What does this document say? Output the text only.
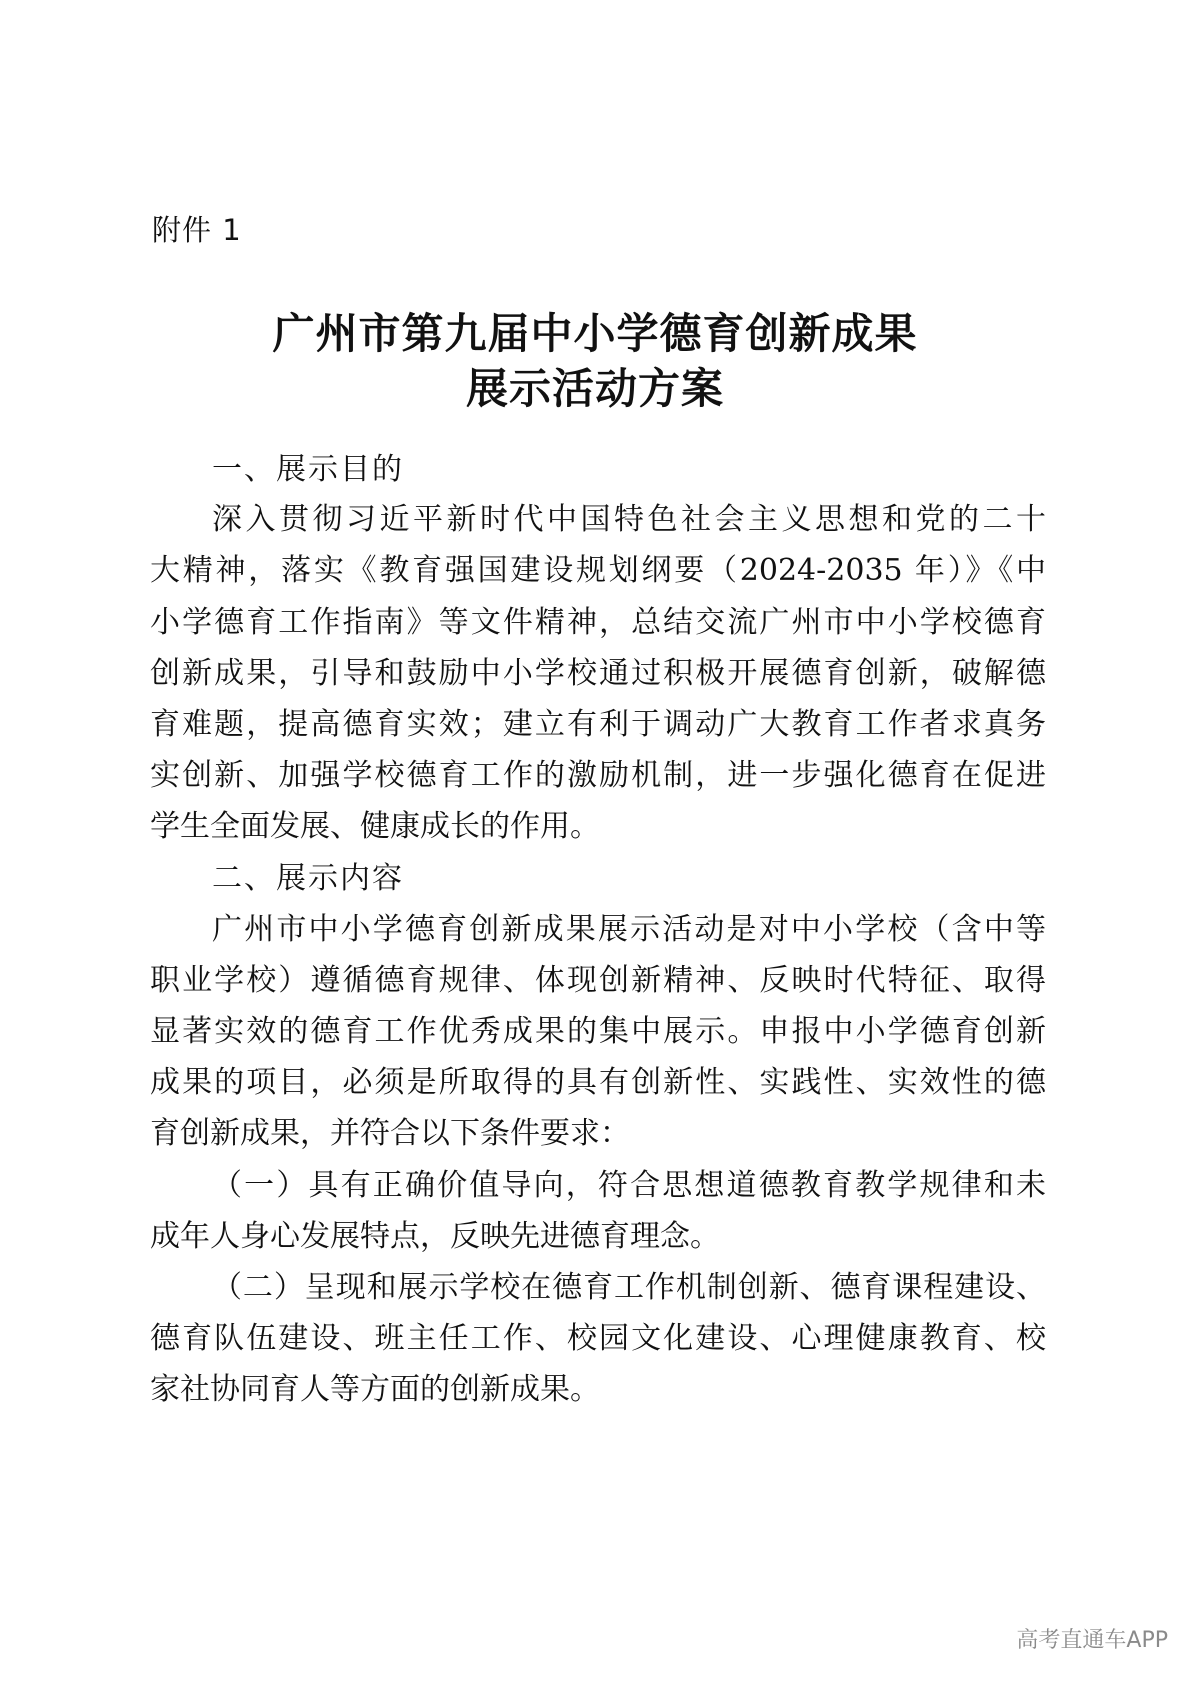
附件 1
广州市第九届中小学德育创新成果
展示活动方案
一、展示目的
深入贯彻习近平新时代中国特色社会主义思想和党的二十
大精神，落实《教育强国建设规划纲要（2024-2035 年）》《中
小学德育工作指南》等文件精神，总结交流广州市中小学校德育
创新成果，引导和鼓励中小学校通过积极开展德育创新，破解德
育难题，提高德育实效；建立有利于调动广大教育工作者求真务
实创新、加强学校德育工作的激励机制，进一步强化德育在促进
学生全面发展、健康成长的作用。
二、展示内容
广州市中小学德育创新成果展示活动是对中小学校（含中等
职业学校）遵循德育规律、体现创新精神、反映时代特征、取得
显著实效的德育工作优秀成果的集中展示。申报中小学德育创新
成果的项目，必须是所取得的具有创新性、实践性、实效性的德
育创新成果，并符合以下条件要求：
（一）具有正确价值导向，符合思想道德教育教学规律和未
成年人身心发展特点，反映先进德育理念。
（二）呈现和展示学校在德育工作机制创新、德育课程建设、
德育队伍建设、班主任工作、校园文化建设、心理健康教育、校
家社协同育人等方面的创新成果。
高考直通车APP
